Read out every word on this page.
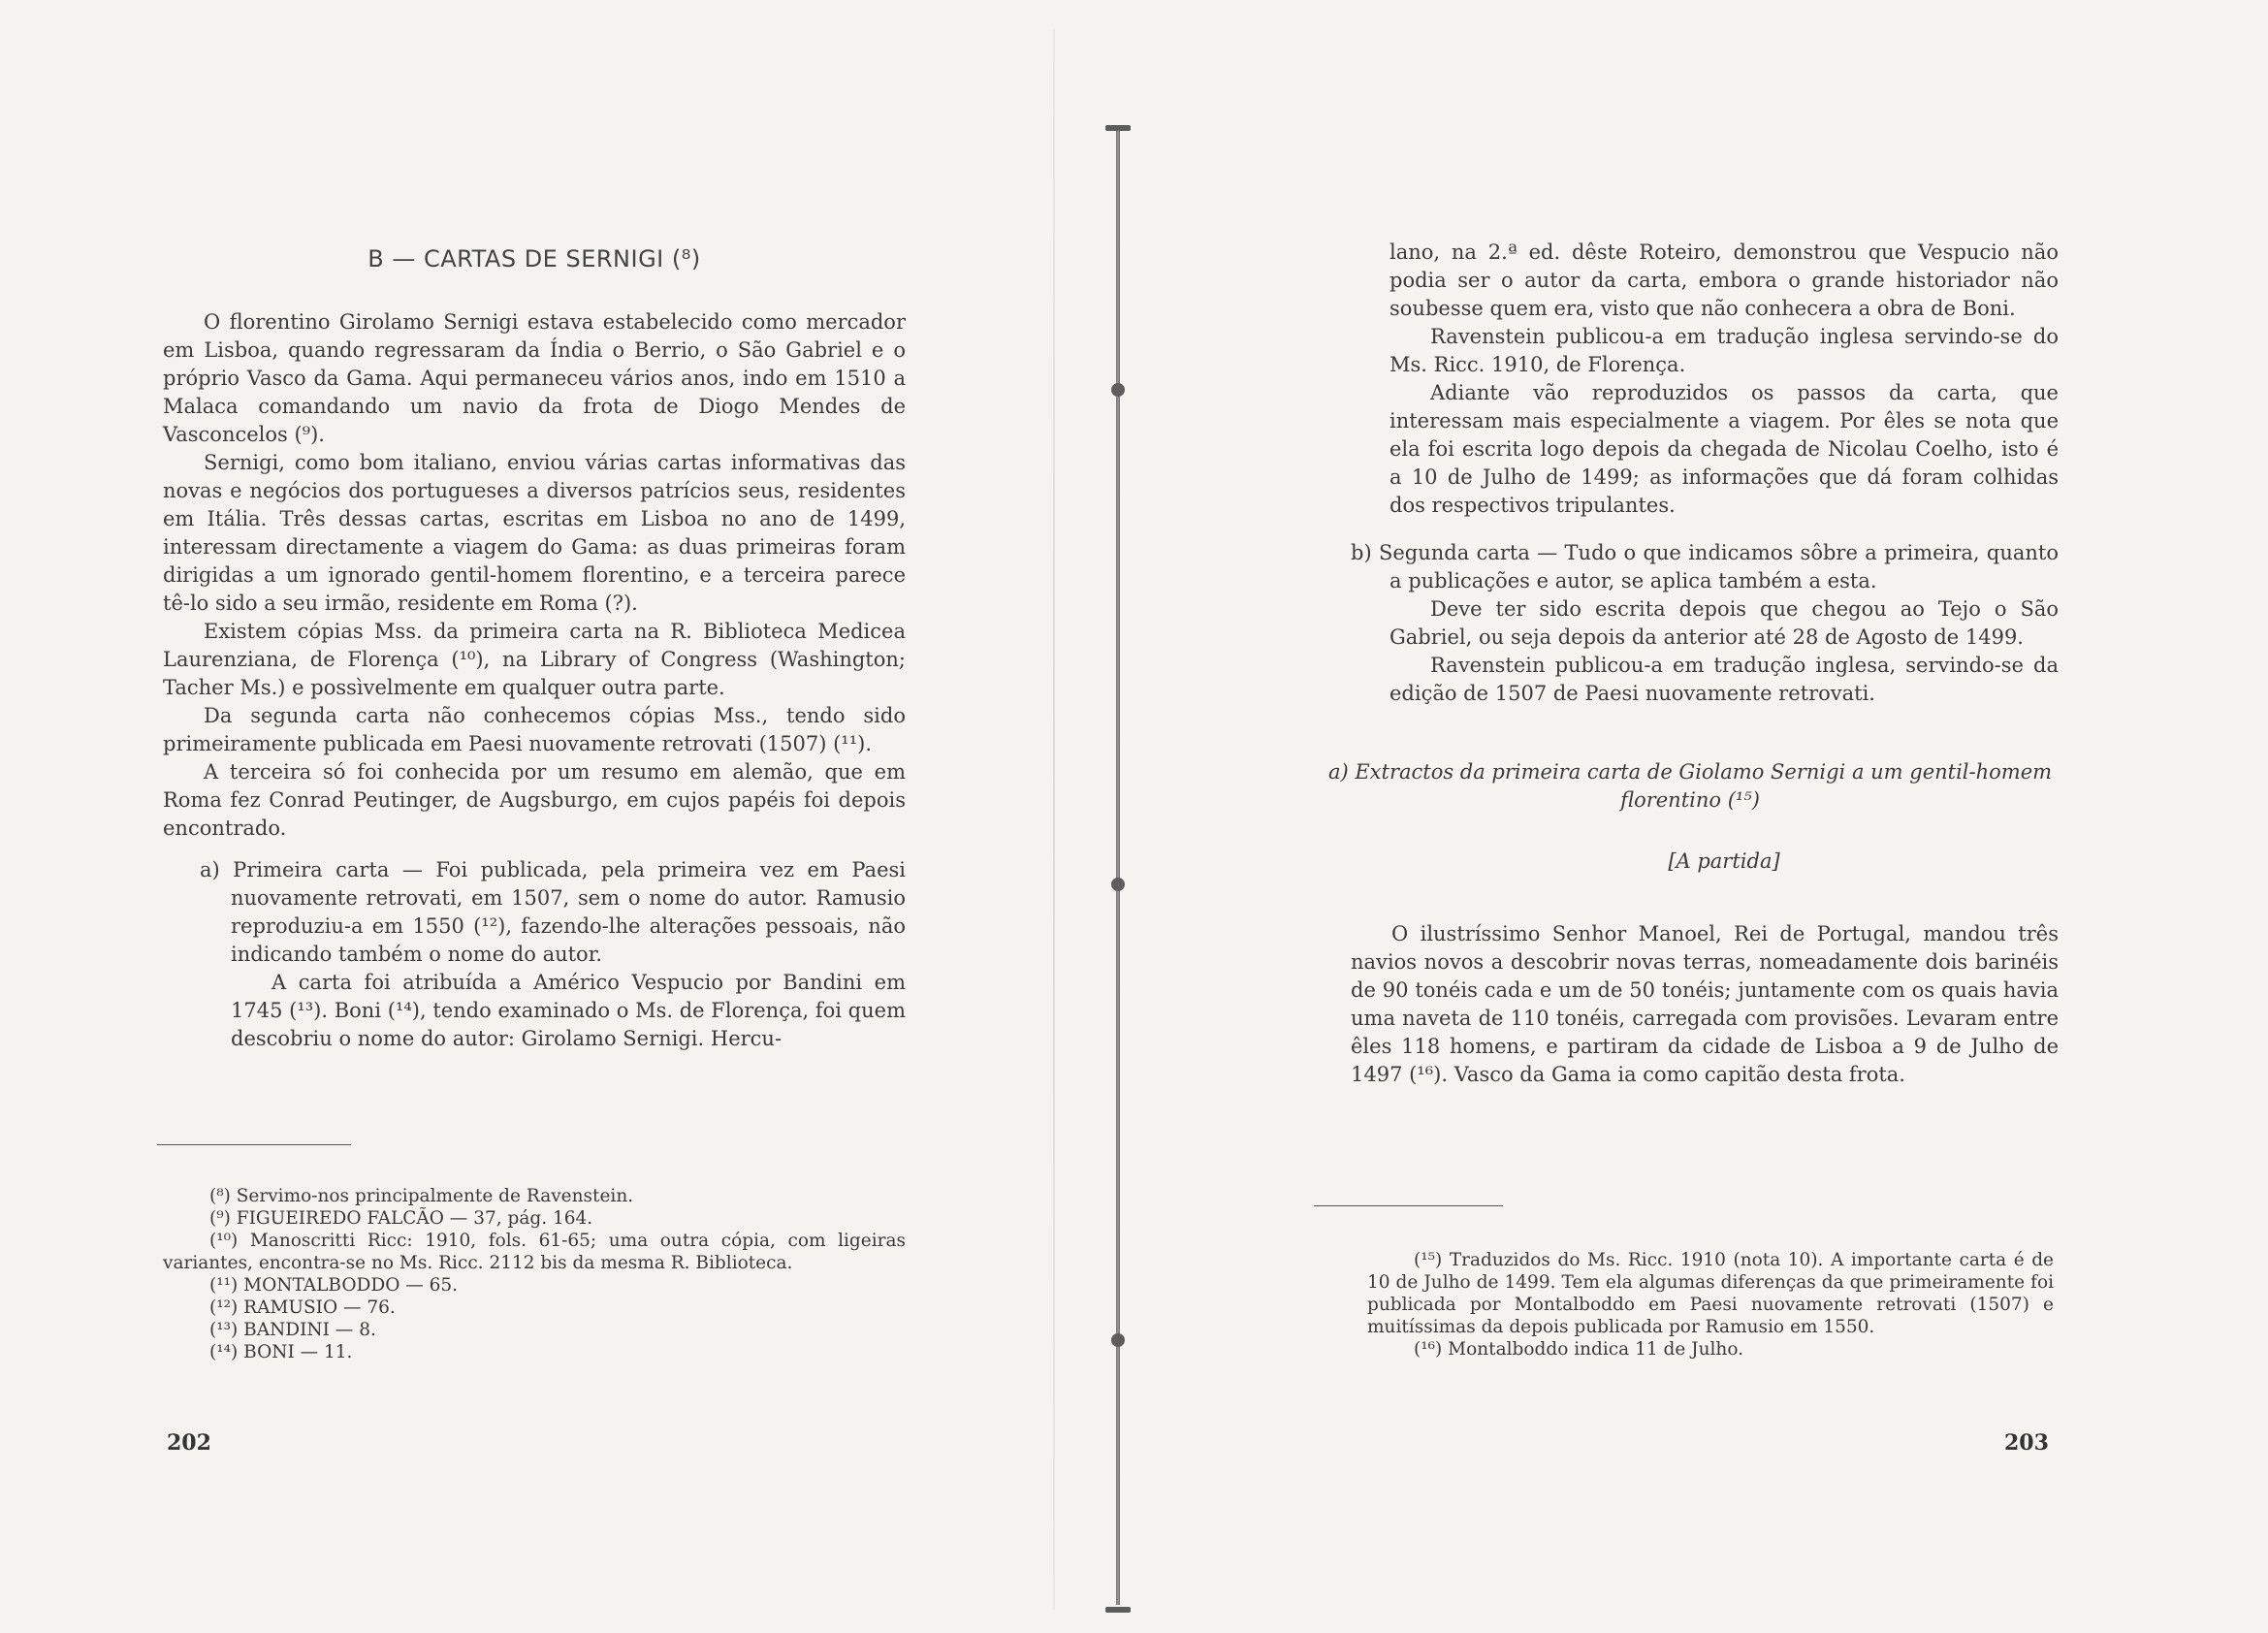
B — CARTAS DE SERNIGI (⁸)

O florentino Girolamo Sernigi estava estabelecido como mercador em Lisboa, quando regressaram da Índia o Berrio, o São Gabriel e o próprio Vasco da Gama. Aqui permaneceu vários anos, indo em 1510 a Malaca comandando um navio da frota de Diogo Mendes de Vasconcelos (⁹).

Sernigi, como bom italiano, enviou várias cartas informativas das novas e negócios dos portugueses a diversos patrícios seus, residentes em Itália. Três dessas cartas, escritas em Lisboa no ano de 1499, interessam directamente a viagem do Gama: as duas primeiras foram dirigidas a um ignorado gentil-homem florentino, e a terceira parece tê-lo sido a seu irmão, residente em Roma (?).

Existem cópias Mss. da primeira carta na R. Biblioteca Medicea Laurenziana, de Florença (¹⁰), na Library of Congress (Washington; Tacher Ms.) e possìvelmente em qualquer outra parte.

Da segunda carta não conhecemos cópias Mss., tendo sido primeiramente publicada em Paesi nuovamente retrovati (1507) (¹¹).

A terceira só foi conhecida por um resumo em alemão, que em Roma fez Conrad Peutinger, de Augsburgo, em cujos papéis foi depois encontrado.

a) Primeira carta — Foi publicada, pela primeira vez em Paesi nuovamente retrovati, em 1507, sem o nome do autor. Ramusio reproduziu-a em 1550 (¹²), fazendo-lhe alterações pessoais, não indicando também o nome do autor.

A carta foi atribuída a Américo Vespucio por Bandini em 1745 (¹³). Boni (¹⁴), tendo examinado o Ms. de Florença, foi quem descobriu o nome do autor: Girolamo Sernigi. Hercu-

(⁸) Servimo-nos principalmente de Ravenstein.

(⁹) FIGUEIREDO FALCÃO — 37, pág. 164.

(¹⁰) Manoscritti Ricc: 1910, fols. 61-65; uma outra cópia, com ligeiras variantes, encontra-se no Ms. Ricc. 2112 bis da mesma R. Biblioteca.

(¹¹) MONTALBODDO — 65.

(¹²) RAMUSIO — 76.

(¹³) BANDINI — 8.

(¹⁴) BONI — 11.

202

lano, na 2.ª ed. dêste Roteiro, demonstrou que Vespucio não podia ser o autor da carta, embora o grande historiador não soubesse quem era, visto que não conhecera a obra de Boni.

Ravenstein publicou-a em tradução inglesa servindo-se do Ms. Ricc. 1910, de Florença.

Adiante vão reproduzidos os passos da carta, que interessam mais especialmente a viagem. Por êles se nota que ela foi escrita logo depois da chegada de Nicolau Coelho, isto é a 10 de Julho de 1499; as informações que dá foram colhidas dos respectivos tripulantes.

b) Segunda carta — Tudo o que indicamos sôbre a primeira, quanto a publicações e autor, se aplica também a esta.

Deve ter sido escrita depois que chegou ao Tejo o São Gabriel, ou seja depois da anterior até 28 de Agosto de 1499.

Ravenstein publicou-a em tradução inglesa, servindo-se da edição de 1507 de Paesi nuovamente retrovati.

a) Extractos da primeira carta de Giolamo Sernigi a um gentil-homem florentino (¹⁵)

[A partida]

O ilustríssimo Senhor Manoel, Rei de Portugal, mandou três navios novos a descobrir novas terras, nomeadamente dois barinéis de 90 tonéis cada e um de 50 tonéis; juntamente com os quais havia uma naveta de 110 tonéis, carregada com provisões. Levaram entre êles 118 homens, e partiram da cidade de Lisboa a 9 de Julho de 1497 (¹⁶). Vasco da Gama ia como capitão desta frota.

(¹⁵) Traduzidos do Ms. Ricc. 1910 (nota 10). A importante carta é de 10 de Julho de 1499. Tem ela algumas diferenças da que primeiramente foi publicada por Montalboddo em Paesi nuovamente retrovati (1507) e muitíssimas da depois publicada por Ramusio em 1550.

(¹⁶) Montalboddo indica 11 de Julho.

203
